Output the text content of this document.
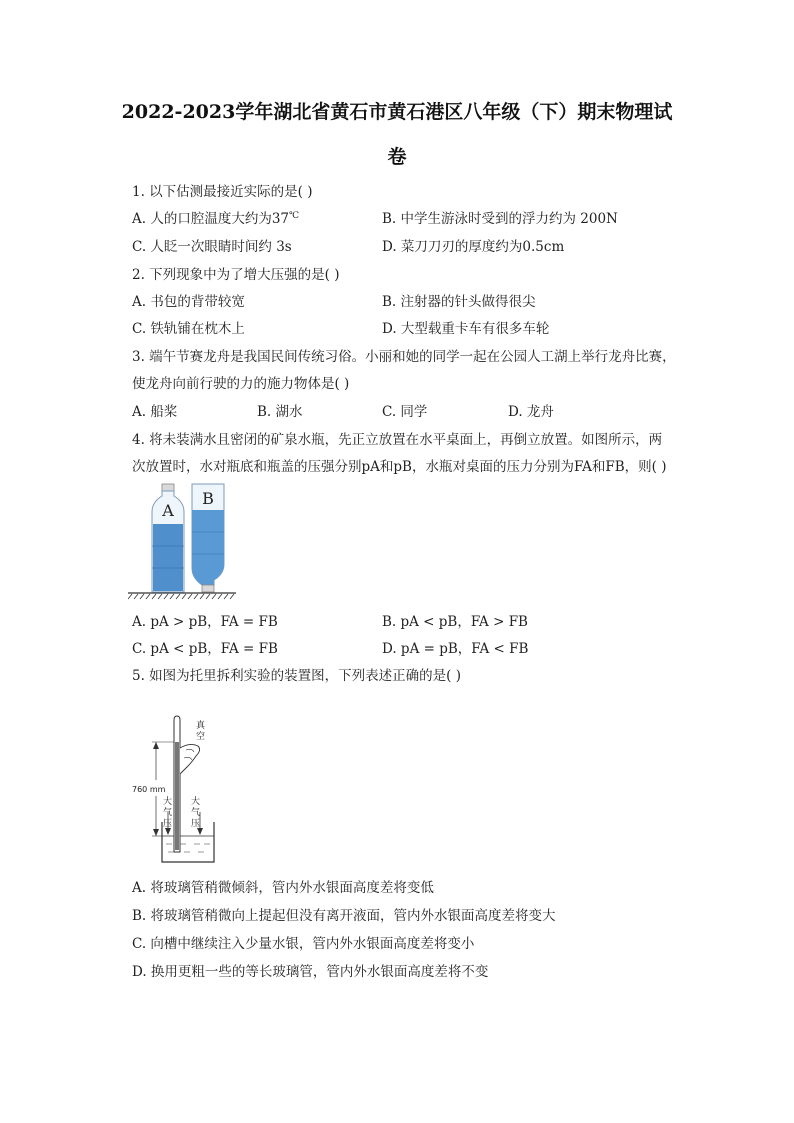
2022-2023学年湖北省黄石市黄石港区八年级（下）期末物理试
卷
1. 以下估测最接近实际的是( )
A. 人的口腔温度大约为37℃	B. 中学生游泳时受到的浮力约为 200N
C. 人眨一次眼睛时间约 3s	D. 菜刀刀刃的厚度约为0.5cm
2. 下列现象中为了增大压强的是( )
A. 书包的背带较宽	B. 注射器的针头做得很尖
C. 铁轨铺在枕木上	D. 大型载重卡车有很多车轮
3. 端午节赛龙舟是我国民间传统习俗。小丽和她的同学一起在公园人工湖上举行龙舟比赛，
使龙舟向前行驶的力的施力物体是( )
A. 船桨	B. 湖水	C. 同学	D. 龙舟
4. 将未装满水且密闭的矿泉水瓶，先正立放置在水平桌面上，再倒立放置。如图所示，两
次放置时，水对瓶底和瓶盖的压强分别pA和pB，水瓶对桌面的压力分别为FA和FB，则( )
A
B
A. pA > pB，FA = FB	B. pA < pB，FA > FB
C. pA < pB，FA = FB	D. pA = pB，FA < FB
5. 如图为托里拆利实验的装置图，下列表述正确的是( )
真
空
760 mm
大
气
压
大
气
压
A. 将玻璃管稍微倾斜，管内外水银面高度差将变低
B. 将玻璃管稍微向上提起但没有离开液面，管内外水银面高度差将变大
C. 向槽中继续注入少量水银，管内外水银面高度差将变小
D. 换用更粗一些的等长玻璃管，管内外水银面高度差将不变
